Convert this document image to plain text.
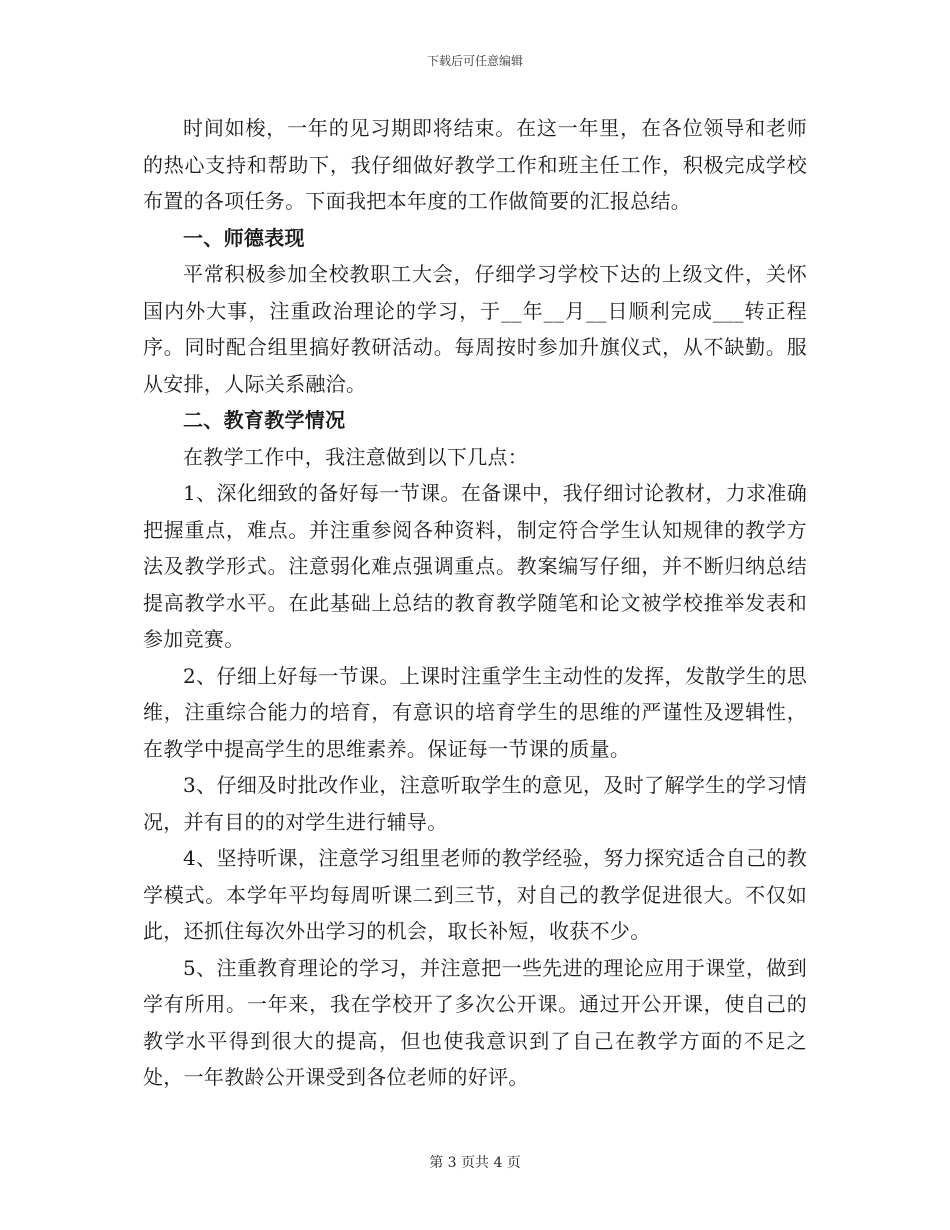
下载后可任意编辑

时间如梭，一年的见习期即将结束。在这一年里，在各位领导和老师的热心支持和帮助下，我仔细做好教学工作和班主任工作，积极完成学校布置的各项任务。下面我把本年度的工作做简要的汇报总结。

一、师德表现

平常积极参加全校教职工大会，仔细学习学校下达的上级文件，关怀国内外大事，注重政治理论的学习，于__年__月__日顺利完成___转正程序。同时配合组里搞好教研活动。每周按时参加升旗仪式，从不缺勤。服从安排，人际关系融洽。

二、教育教学情况

在教学工作中，我注意做到以下几点：

1、深化细致的备好每一节课。在备课中，我仔细讨论教材，力求准确把握重点，难点。并注重参阅各种资料，制定符合学生认知规律的教学方法及教学形式。注意弱化难点强调重点。教案编写仔细，并不断归纳总结提高教学水平。在此基础上总结的教育教学随笔和论文被学校推举发表和参加竞赛。

2、仔细上好每一节课。上课时注重学生主动性的发挥，发散学生的思维，注重综合能力的培育，有意识的培育学生的思维的严谨性及逻辑性，在教学中提高学生的思维素养。保证每一节课的质量。

3、仔细及时批改作业，注意听取学生的意见，及时了解学生的学习情况，并有目的的对学生进行辅导。

4、坚持听课，注意学习组里老师的教学经验，努力探究适合自己的教学模式。本学年平均每周听课二到三节，对自己的教学促进很大。不仅如此，还抓住每次外出学习的机会，取长补短，收获不少。

5、注重教育理论的学习，并注意把一些先进的理论应用于课堂，做到学有所用。一年来，我在学校开了多次公开课。通过开公开课，使自己的教学水平得到很大的提高，但也使我意识到了自己在教学方面的不足之处，一年教龄公开课受到各位老师的好评。

第 3 页共 4 页
